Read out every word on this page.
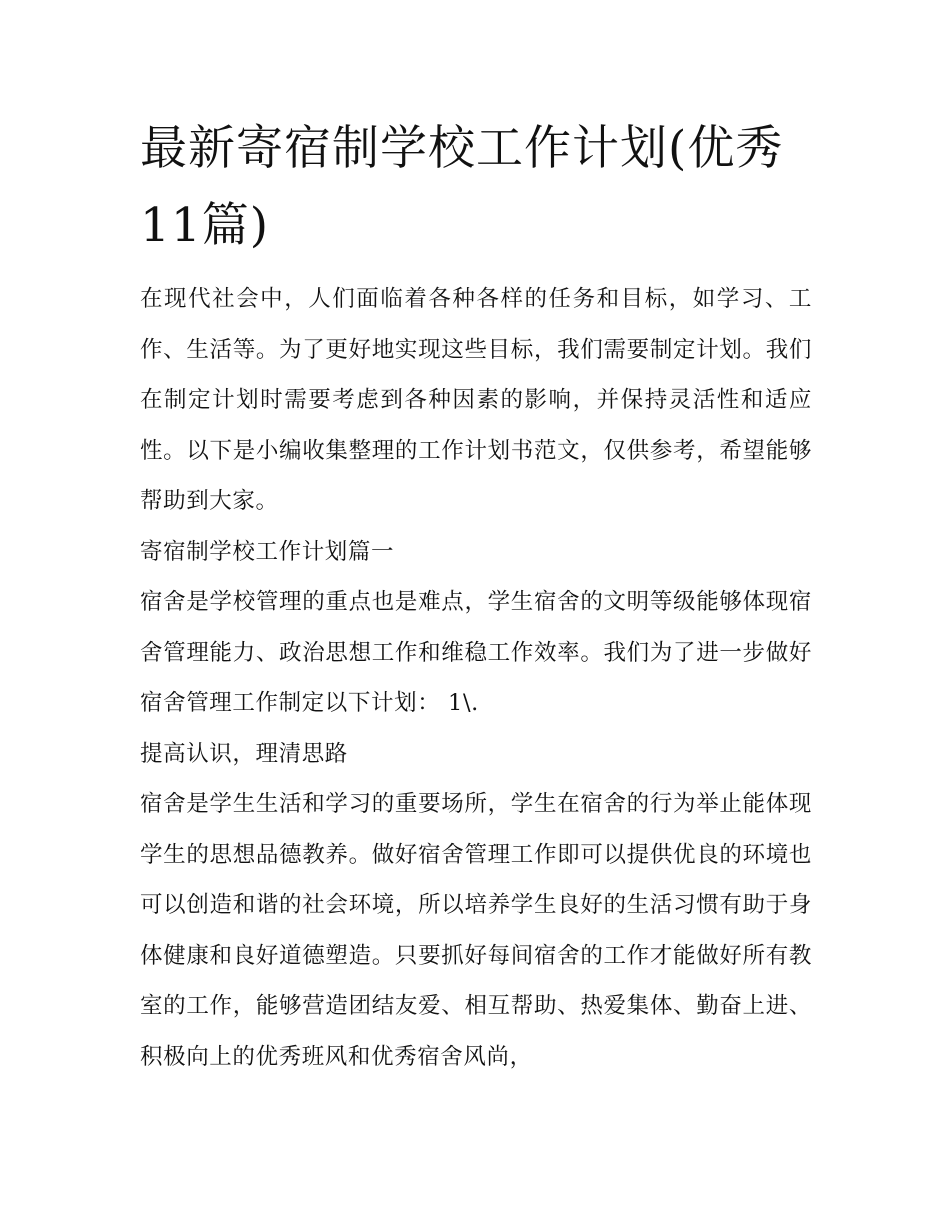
最新寄宿制学校工作计划(优秀11篇)

在现代社会中，人们面临着各种各样的任务和目标，如学习、工作、生活等。为了更好地实现这些目标，我们需要制定计划。我们在制定计划时需要考虑到各种因素的影响，并保持灵活性和适应性。以下是小编收集整理的工作计划书范文，仅供参考，希望能够帮助到大家。

寄宿制学校工作计划篇一

宿舍是学校管理的重点也是难点，学生宿舍的文明等级能够体现宿舍管理能力、政治思想工作和维稳工作效率。我们为了进一步做好宿舍管理工作制定以下计划： 1\.

提高认识，理清思路

宿舍是学生生活和学习的重要场所，学生在宿舍的行为举止能体现学生的思想品德教养。做好宿舍管理工作即可以提供优良的环境也可以创造和谐的社会环境，所以培养学生良好的生活习惯有助于身体健康和良好道德塑造。只要抓好每间宿舍的工作才能做好所有教室的工作，能够营造团结友爱、相互帮助、热爱集体、勤奋上进、积极向上的优秀班风和优秀宿舍风尚，
